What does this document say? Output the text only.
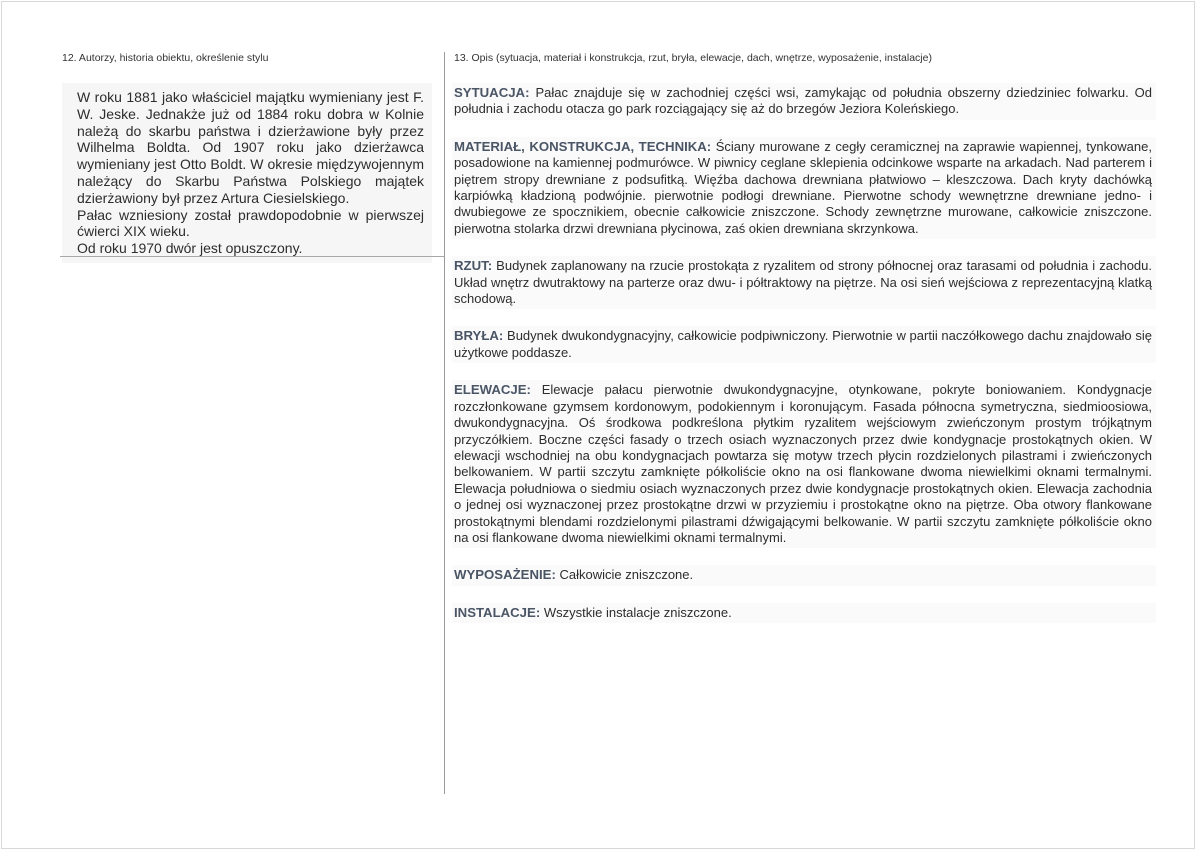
12. Autorzy, historia obiektu, określenie stylu

W roku 1881 jako właściciel majątku wymieniany jest F. W. Jeske. Jednakże już od 1884 roku dobra w Kolnie należą do skarbu państwa i dzierżawione były przez Wilhelma Boldta. Od 1907 roku jako dzierżawca wymieniany jest Otto Boldt. W okresie międzywojennym należący do Skarbu Państwa Polskiego majątek dzierżawiony był przez Artura Ciesielskiego.

Pałac wzniesiony został prawdopodobnie w pierwszej ćwierci XIX wieku.

Od roku 1970 dwór jest opuszczony.

13. Opis (sytuacja, materiał i konstrukcja, rzut, bryła, elewacje, dach, wnętrze, wyposażenie, instalacje)

SYTUACJA: Pałac znajduje się w zachodniej części wsi, zamykając od południa obszerny dziedziniec folwarku. Od południa i zachodu otacza go park rozciągający się aż do brzegów Jeziora Koleńskiego.

MATERIAŁ, KONSTRUKCJA, TECHNIKA: Ściany murowane z cegły ceramicznej na zaprawie wapiennej, tynkowane, posadowione na kamiennej podmurówce. W piwnicy ceglane sklepienia odcinkowe wsparte na arkadach. Nad parterem i piętrem stropy drewniane z podsufitką. Więźba dachowa drewniana płatwiowo – kleszczowa. Dach kryty dachówką karpiówką kładzioną podwójnie. pierwotnie podłogi drewniane. Pierwotne schody wewnętrzne drewniane jedno- i dwubiegowe ze spocznikiem, obecnie całkowicie zniszczone. Schody zewnętrzne murowane, całkowicie zniszczone. pierwotna stolarka drzwi drewniana płycinowa, zaś okien drewniana skrzynkowa.

RZUT: Budynek zaplanowany na rzucie prostokąta z ryzalitem od strony północnej oraz tarasami od południa i zachodu. Układ wnętrz dwutraktowy na parterze oraz dwu- i półtraktowy na piętrze. Na osi sień wejściowa z reprezentacyjną klatką schodową.

BRYŁA: Budynek dwukondygnacyjny, całkowicie podpiwniczony. Pierwotnie w partii naczółkowego dachu znajdowało się użytkowe poddasze.

ELEWACJE: Elewacje pałacu pierwotnie dwukondygnacyjne, otynkowane, pokryte boniowaniem. Kondygnacje rozczłonkowane gzymsem kordonowym, podokiennym i koronującym. Fasada północna symetryczna, siedmioosiowa, dwukondygnacyjna. Oś środkowa podkreślona płytkim ryzalitem wejściowym zwieńczonym prostym trójkątnym przyczółkiem. Boczne części fasady o trzech osiach wyznaczonych przez dwie kondygnacje prostokątnych okien. W elewacji wschodniej na obu kondygnacjach powtarza się motyw trzech płycin rozdzielonych pilastrami i zwieńczonych belkowaniem. W partii szczytu zamknięte półkoliście okno na osi flankowane dwoma niewielkimi oknami termalnymi. Elewacja południowa o siedmiu osiach wyznaczonych przez dwie kondygnacje prostokątnych okien. Elewacja zachodnia o jednej osi wyznaczonej przez prostokątne drzwi w przyziemiu i prostokątne okno na piętrze. Oba otwory flankowane prostokątnymi blendami rozdzielonymi pilastrami dźwigającymi belkowanie. W partii szczytu zamknięte półkoliście okno na osi flankowane dwoma niewielkimi oknami termalnymi.

WYPOSAŻENIE: Całkowicie zniszczone.

INSTALACJE: Wszystkie instalacje zniszczone.
